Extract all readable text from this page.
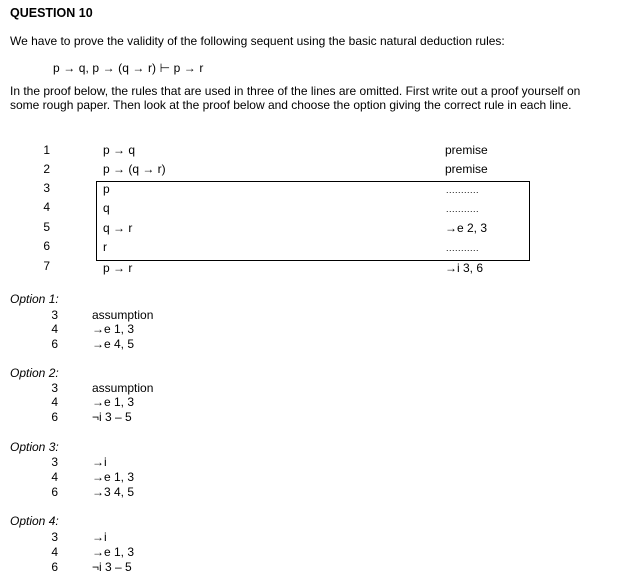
QUESTION 10
We have to prove the validity of the following sequent using the basic natural deduction rules:
p → q, p → (q → r) ⊢ p → r
In the proof below, the rules that are used in three of the lines are omitted. First write out a proof yourself on some rough paper. Then look at the proof below and choose the option giving the correct rule in each line.
1	p → q	premise
2	p → (q → r)	premise
3	p	...........
4	q	...........
5	q → r	→e 2, 3
6	r	...........
7	p → r	→i 3, 6
Option 1:
3	assumption
4	→e 1, 3
6	→e 4, 5
Option 2:
3	assumption
4	→e 1, 3
6	¬i 3 – 5
Option 3:
3	→i
4	→e 1, 3
6	→3 4, 5
Option 4:
3	→i
4	→e 1, 3
6	¬i 3 – 5
